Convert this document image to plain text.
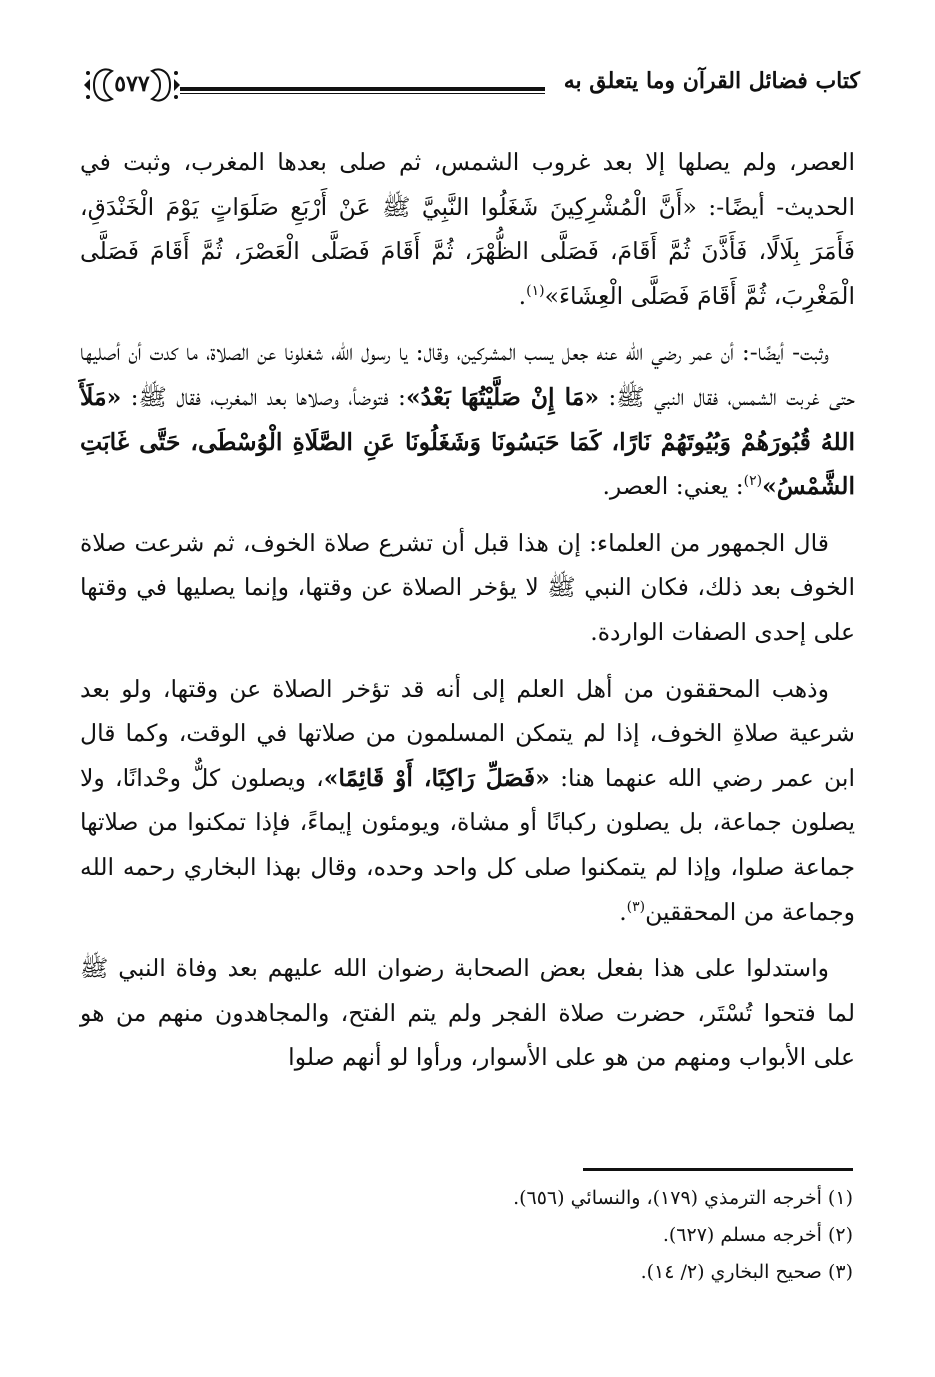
كتاب فضائل القرآن وما يتعلق به
٥٧٧

العصر، ولم يصلها إلا بعد غروب الشمس، ثم صلى بعدها المغرب، وثبت في الحديث- أيضًا-: «أَنَّ الْمُشْرِكِينَ شَغَلُوا النَّبِيَّ ﷺ عَنْ أَرْبَعِ صَلَوَاتٍ يَوْمَ الْخَنْدَقِ، فَأَمَرَ بِلَالًا، فَأَذَّنَ ثُمَّ أَقَامَ، فَصَلَّى الظُّهْرَ، ثُمَّ أَقَامَ فَصَلَّى الْعَصْرَ، ثُمَّ أَقَامَ فَصَلَّى الْمَغْرِبَ، ثُمَّ أَقَامَ فَصَلَّى الْعِشَاءَ»$^{(١)}$.

وثبت- أيضًا-: أن عمر رضي الله عنه جعل يسب المشركين، وقال: يا رسول الله، شغلونا عن الصلاة، ما كدت أن أصليها حتى غربت الشمس، فقال النبي ﷺ: «مَا إِنْ صَلَّيْتُهَا بَعْدُ»: فتوضأ، وصلاها بعد المغرب، فقال ﷺ: «مَلَأَ اللهُ قُبُورَهُمْ وَبُيُوتَهُمْ نَارًا، كَمَا حَبَسُونَا وَشَغَلُونَا عَنِ الصَّلَاةِ الْوُسْطَى، حَتَّى غَابَتِ الشَّمْسُ»$^{(٢)}$: يعني: العصر.

قال الجمهور من العلماء: إن هذا قبل أن تشرع صلاة الخوف، ثم شرعت صلاة الخوف بعد ذلك، فكان النبي ﷺ لا يؤخر الصلاة عن وقتها، وإنما يصليها في وقتها على إحدى الصفات الواردة.

وذهب المحققون من أهل العلم إلى أنه قد تؤخر الصلاة عن وقتها، ولو بعد شرعية صلاةِ الخوف، إذا لم يتمكن المسلمون من صلاتها في الوقت، وكما قال ابن عمر رضي الله عنهما هنا: «فَصَلِّ رَاكِبًا، أَوْ قَائِمًا»، ويصلون كلٌّ وحْدانًا، ولا يصلون جماعة، بل يصلون ركبانًا أو مشاة، ويومئون إيماءً، فإذا تمكنوا من صلاتها جماعة صلوا، وإذا لم يتمكنوا صلى كل واحد وحده، وقال بهذا البخاري رحمه الله وجماعة من المحققين$^{(٣)}$.

واستدلوا على هذا بفعل بعض الصحابة رضوان الله عليهم بعد وفاة النبي ﷺ لما فتحوا تُسْتَر، حضرت صلاة الفجر ولم يتم الفتح، والمجاهدون منهم من هو على الأبواب ومنهم من هو على الأسوار، ورأوا لو أنهم صلوا

(١) أخرجه الترمذي (١٧٩)، والنسائي (٦٥٦).
(٢) أخرجه مسلم (٦٢٧).
(٣) صحيح البخاري (٢/ ١٤).
